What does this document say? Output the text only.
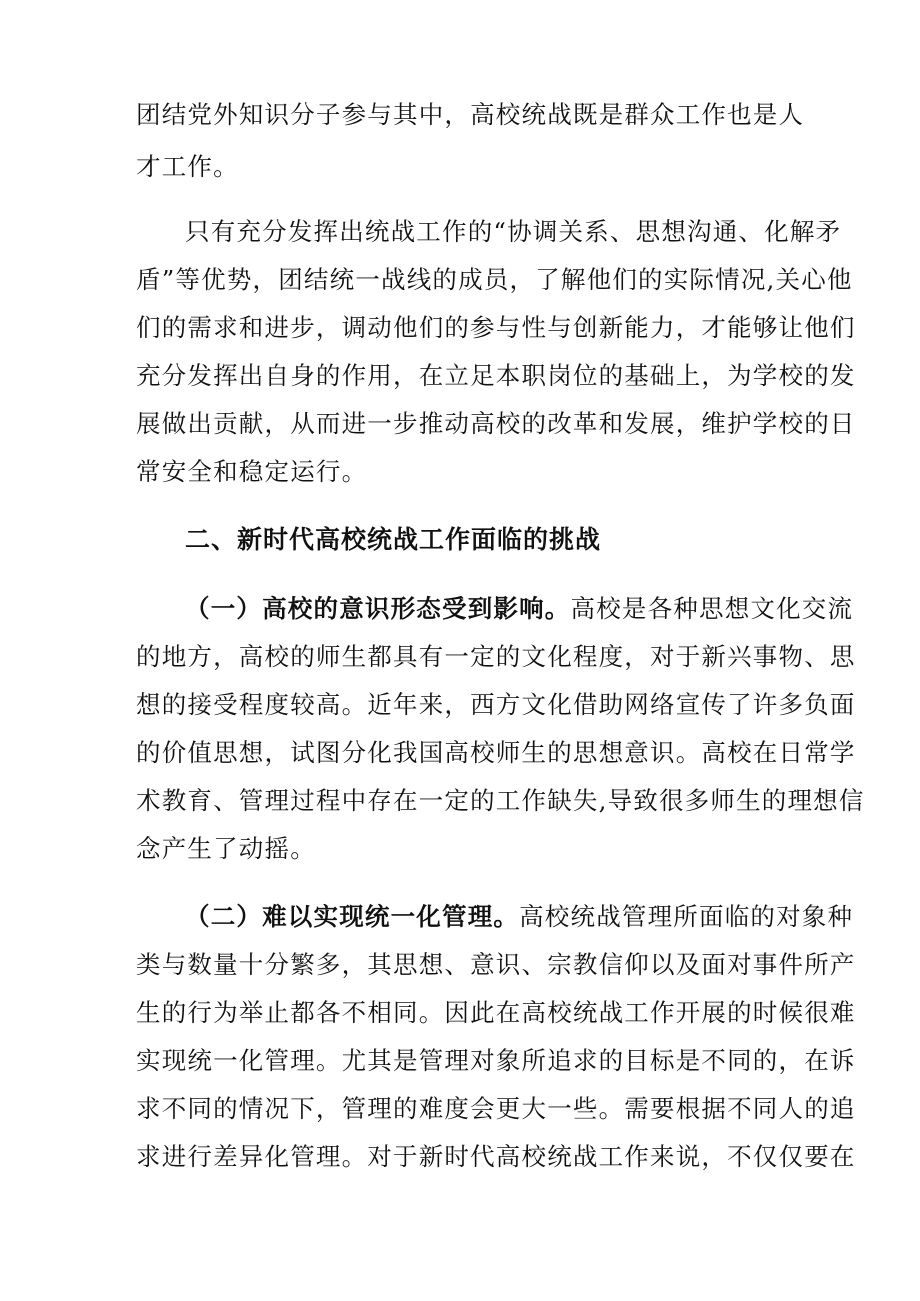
团结党外知识分子参与其中，高校统战既是群众工作也是人
才工作。
只有充分发挥出统战工作的“协调关系、思想沟通、化解矛
盾”等优势，团结统一战线的成员，了解他们的实际情况,关心他
们的需求和进步，调动他们的参与性与创新能力，才能够让他们
充分发挥出自身的作用，在立足本职岗位的基础上，为学校的发
展做出贡献，从而进一步推动高校的改革和发展，维护学校的日
常安全和稳定运行。
二、新时代高校统战工作面临的挑战
（一）高校的意识形态受到影响。高校是各种思想文化交流
的地方，高校的师生都具有一定的文化程度，对于新兴事物、思
想的接受程度较高。近年来，西方文化借助网络宣传了许多负面
的价值思想，试图分化我国高校师生的思想意识。高校在日常学
术教育、管理过程中存在一定的工作缺失,导致很多师生的理想信
念产生了动摇。
（二）难以实现统一化管理。高校统战管理所面临的对象种
类与数量十分繁多，其思想、意识、宗教信仰以及面对事件所产
生的行为举止都各不相同。因此在高校统战工作开展的时候很难
实现统一化管理。尤其是管理对象所追求的目标是不同的，在诉
求不同的情况下，管理的难度会更大一些。需要根据不同人的追
求进行差异化管理。对于新时代高校统战工作来说，不仅仅要在
